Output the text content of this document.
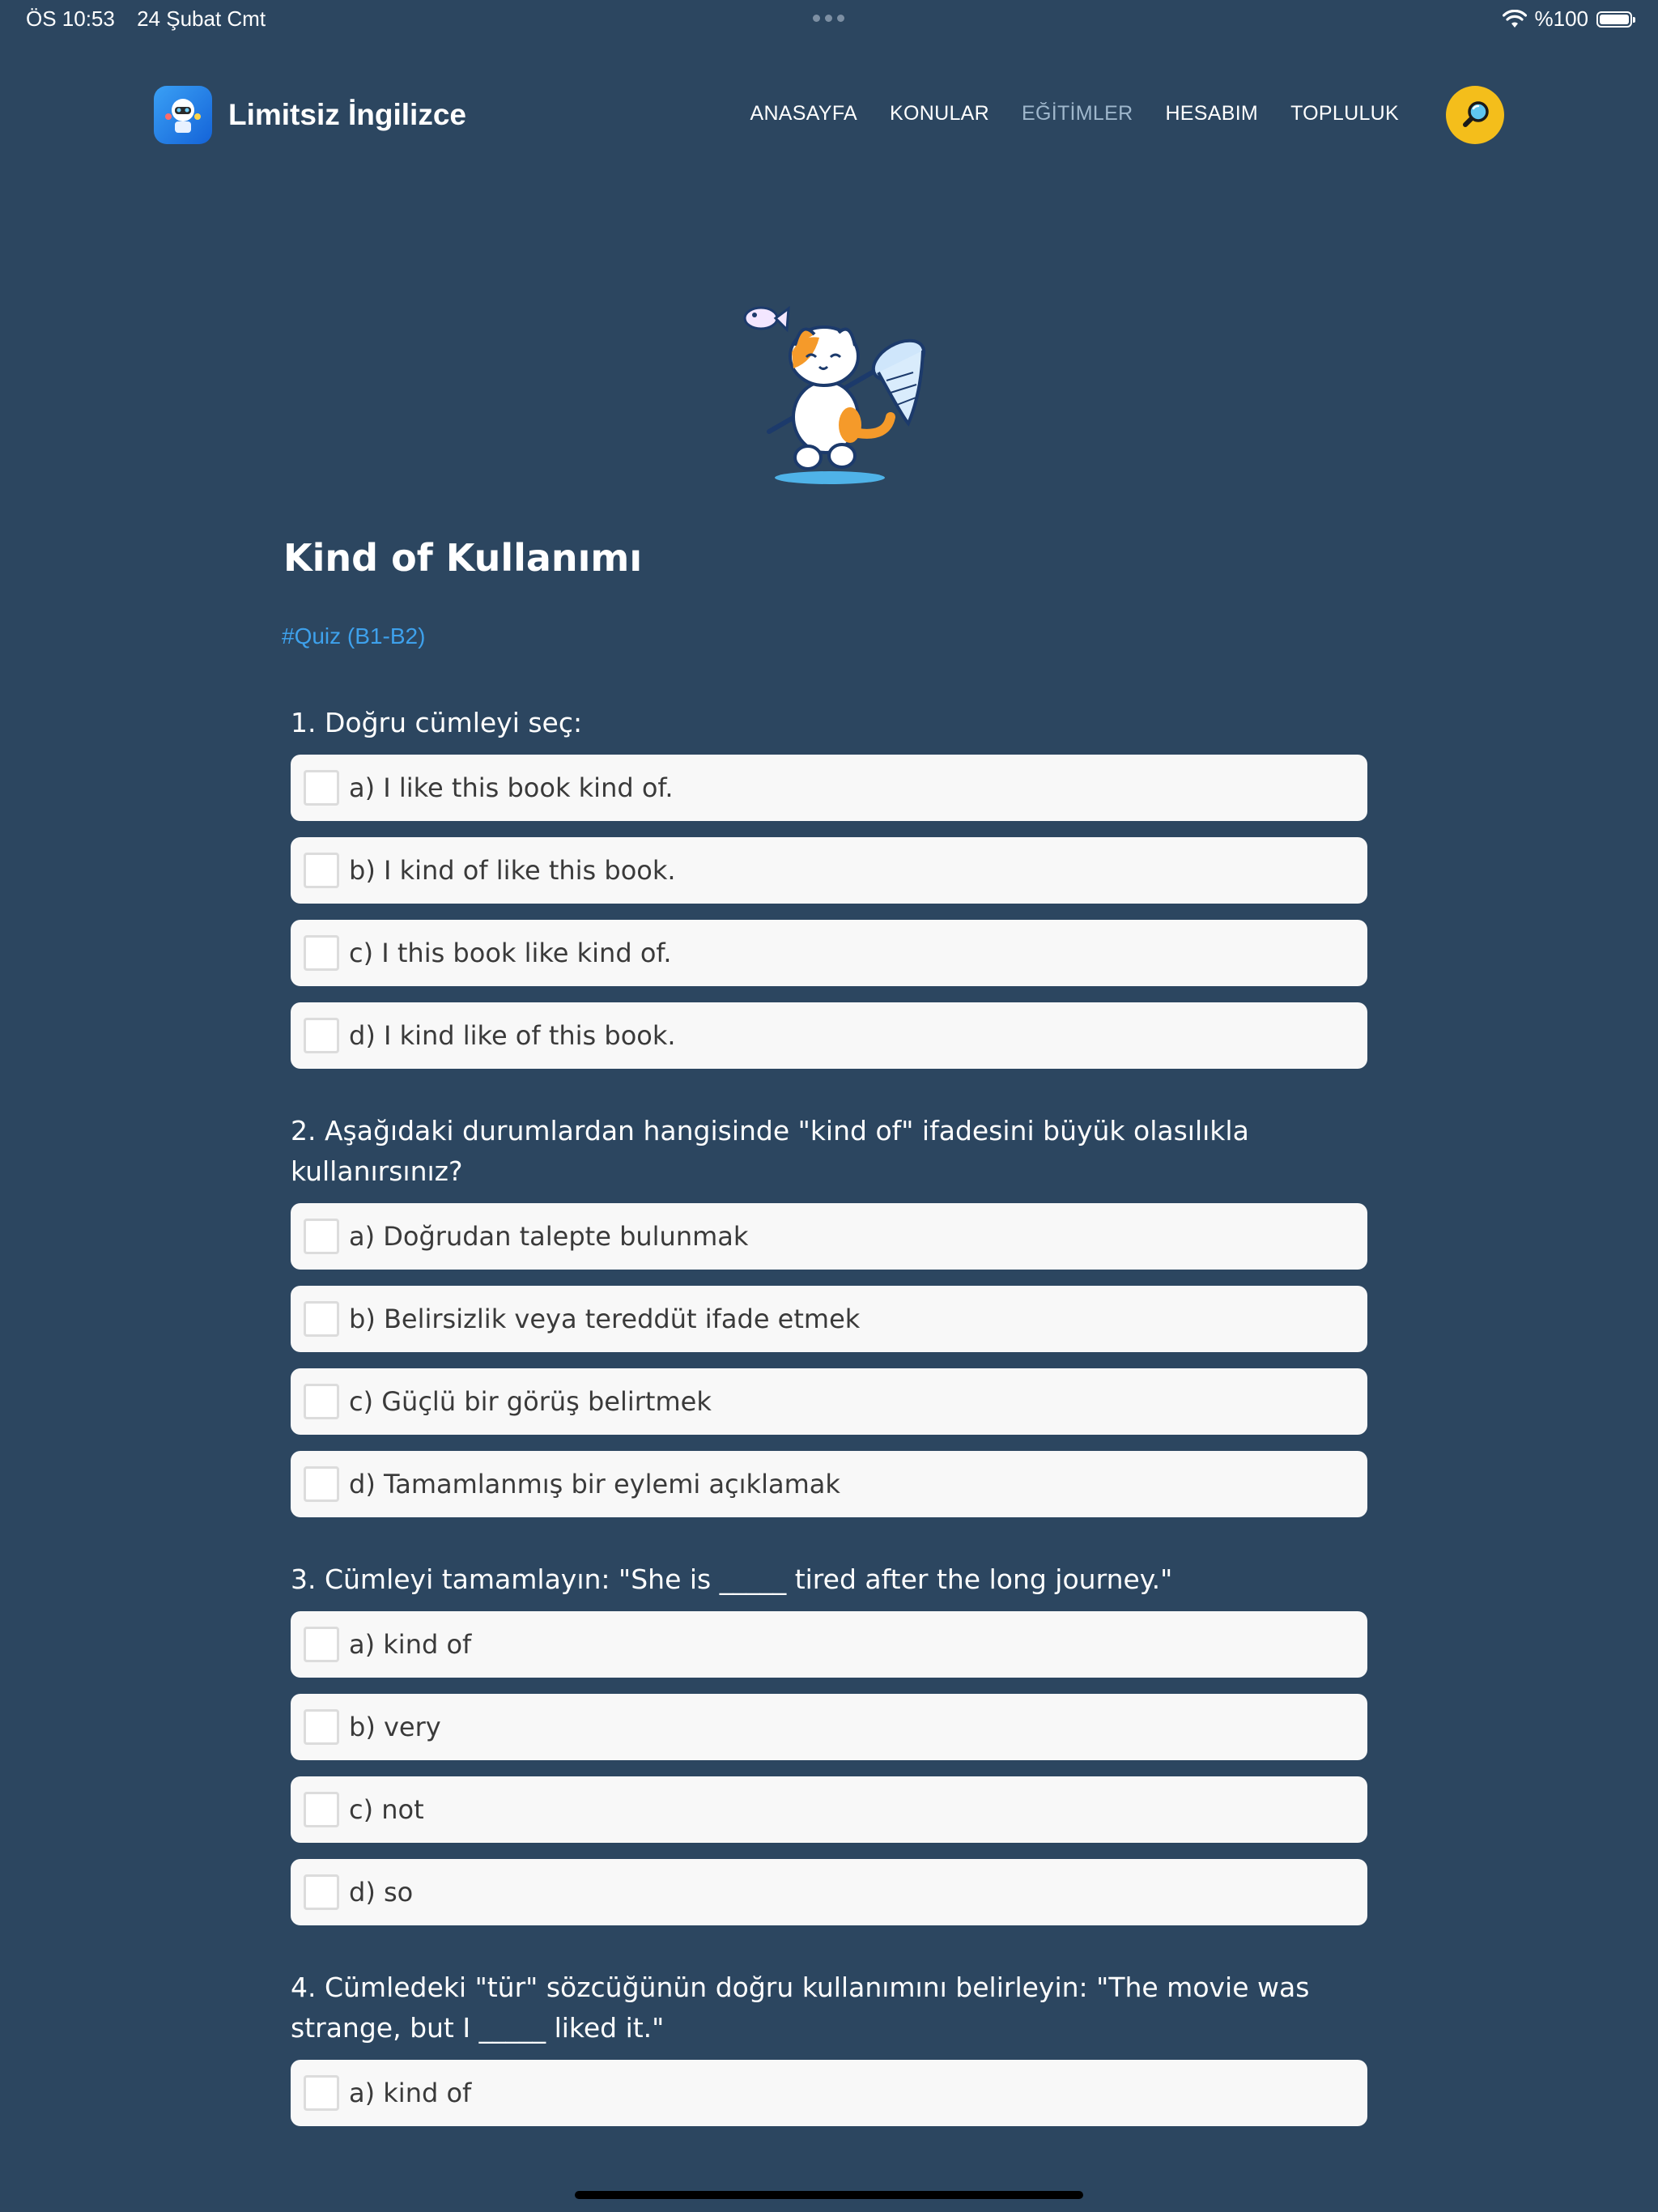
ÖS 10:53 24 Şubat Cmt	%100
Limitsiz İngilizce	ANASAYFA KONULAR EĞİTİMLER HESABIM TOPLULUK
Kind of Kullanımı
#Quiz (B1-B2)

1. Doğru cümleyi seç:

a) I like this book kind of.
b) I kind of like this book.
c) I this book like kind of.
d) I kind like of this book.

2. Aşağıdaki durumlardan hangisinde "kind of" ifadesini büyük olasılıkla kullanırsınız?

a) Doğrudan talepte bulunmak
b) Belirsizlik veya tereddüt ifade etmek
c) Güçlü bir görüş belirtmek
d) Tamamlanmış bir eylemi açıklamak

3. Cümleyi tamamlayın: "She is _____ tired after the long journey."

a) kind of
b) very
c) not
d) so

4. Cümledeki "tür" sözcüğünün doğru kullanımını belirleyin: "The movie was strange, but I _____ liked it."

a) kind of
